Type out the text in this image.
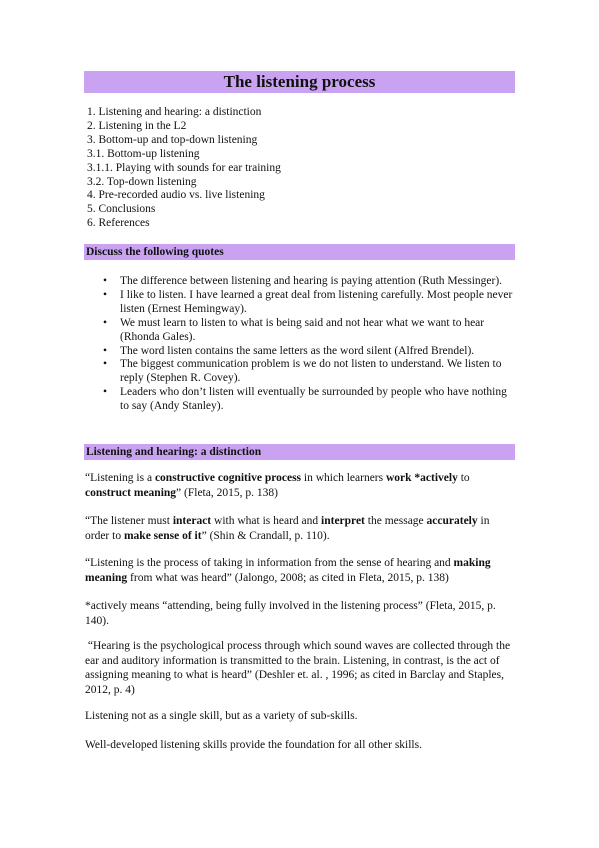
The listening process
1. Listening and hearing: a distinction
2. Listening in the L2
3. Bottom-up and top-down listening
3.1. Bottom-up listening
3.1.1. Playing with sounds for ear training
3.2. Top-down listening
4. Pre-recorded audio vs. live listening
5. Conclusions
6. References
Discuss the following quotes
• The difference between listening and hearing is paying attention (Ruth Messinger).
• I like to listen. I have learned a great deal from listening carefully. Most people never listen (Ernest Hemingway).
• We must learn to listen to what is being said and not hear what we want to hear (Rhonda Gales).
• The word listen contains the same letters as the word silent (Alfred Brendel).
• The biggest communication problem is we do not listen to understand. We listen to reply (Stephen R. Covey).
• Leaders who don’t listen will eventually be surrounded by people who have nothing to say (Andy Stanley).
Listening and hearing: a distinction
“Listening is a constructive cognitive process in which learners work *actively to construct meaning” (Fleta, 2015, p. 138)
“The listener must interact with what is heard and interpret the message accurately in order to make sense of it” (Shin & Crandall, p. 110).
“Listening is the process of taking in information from the sense of hearing and making meaning from what was heard” (Jalongo, 2008; as cited in Fleta, 2015, p. 138)
*actively means “attending, being fully involved in the listening process” (Fleta, 2015, p. 140).
“Hearing is the psychological process through which sound waves are collected through the ear and auditory information is transmitted to the brain. Listening, in contrast, is the act of assigning meaning to what is heard” (Deshler et. al. , 1996; as cited in Barclay and Staples, 2012, p. 4)
Listening not as a single skill, but as a variety of sub-skills.
Well-developed listening skills provide the foundation for all other skills.
